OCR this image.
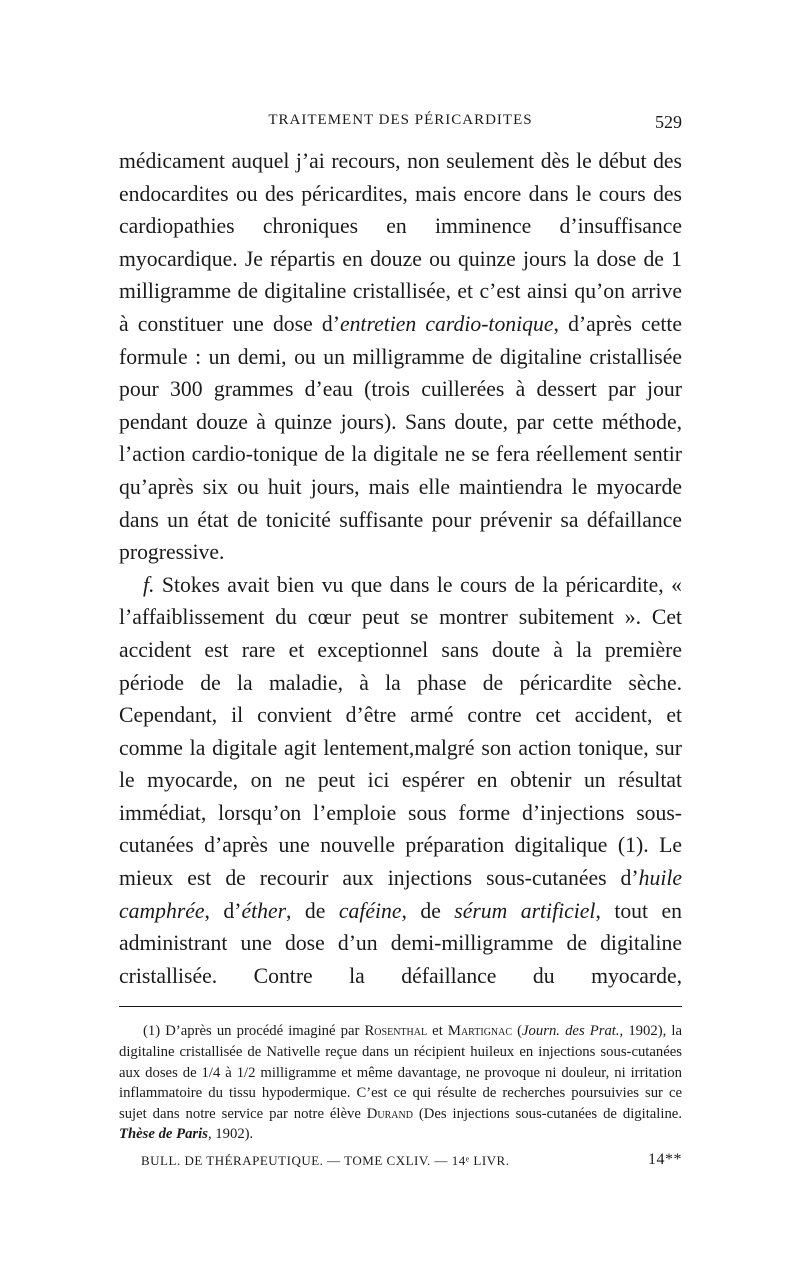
TRAITEMENT DES PÉRICARDITES	529

médicament auquel j’ai recours, non seulement dès le début des endocardites ou des péricardites, mais encore dans le cours des cardiopathies chroniques en imminence d’insuffisance myocardique. Je répartis en douze ou quinze jours la dose de 1 milligramme de digitaline cristallisée, et c’est ainsi qu’on arrive à constituer une dose d’entretien cardio-tonique, d’après cette formule : un demi, ou un milligramme de digitaline cristallisée pour 300 grammes d’eau (trois cuillerées à dessert par jour pendant douze à quinze jours). Sans doute, par cette méthode, l’action cardio-tonique de la digitale ne se fera réellement sentir qu’après six ou huit jours, mais elle maintiendra le myocarde dans un état de tonicité suffisante pour prévenir sa défaillance progressive.

f. Stokes avait bien vu que dans le cours de la péricardite, « l’affaiblissement du cœur peut se montrer subitement ». Cet accident est rare et exceptionnel sans doute à la première période de la maladie, à la phase de péricardite sèche. Cependant, il convient d’être armé contre cet accident, et comme la digitale agit lentement,malgré son action tonique, sur le myocarde, on ne peut ici espérer en obtenir un résultat immédiat, lorsqu’on l’emploie sous forme d’injections sous-cutanées d’après une nouvelle préparation digitalique (1). Le mieux est de recourir aux injections sous-cutanées d’huile camphrée, d’éther, de caféine, de sérum artificiel, tout en administrant une dose d’un demi-milligramme de digitaline cristallisée. Contre la défaillance du myocarde,

(1) D’après un procédé imaginé par Rosenthal et Martignac (Journ. des Prat., 1902), la digitaline cristallisée de Nativelle reçue dans un récipient huileux en injections sous-cutanées aux doses de 1/4 à 1/2 milligramme et même davantage, ne provoque ni douleur, ni irritation inflammatoire du tissu hypodermique. C’est ce qui résulte de recherches poursuivies sur ce sujet dans notre service par notre élève Durand (Des injections sous-cutanées de digitaline. Thèse de Paris, 1902).
BULL. DE THÉRAPEUTIQUE. — TOME CXLIV. — 14ᵉ LIVR.	14**
